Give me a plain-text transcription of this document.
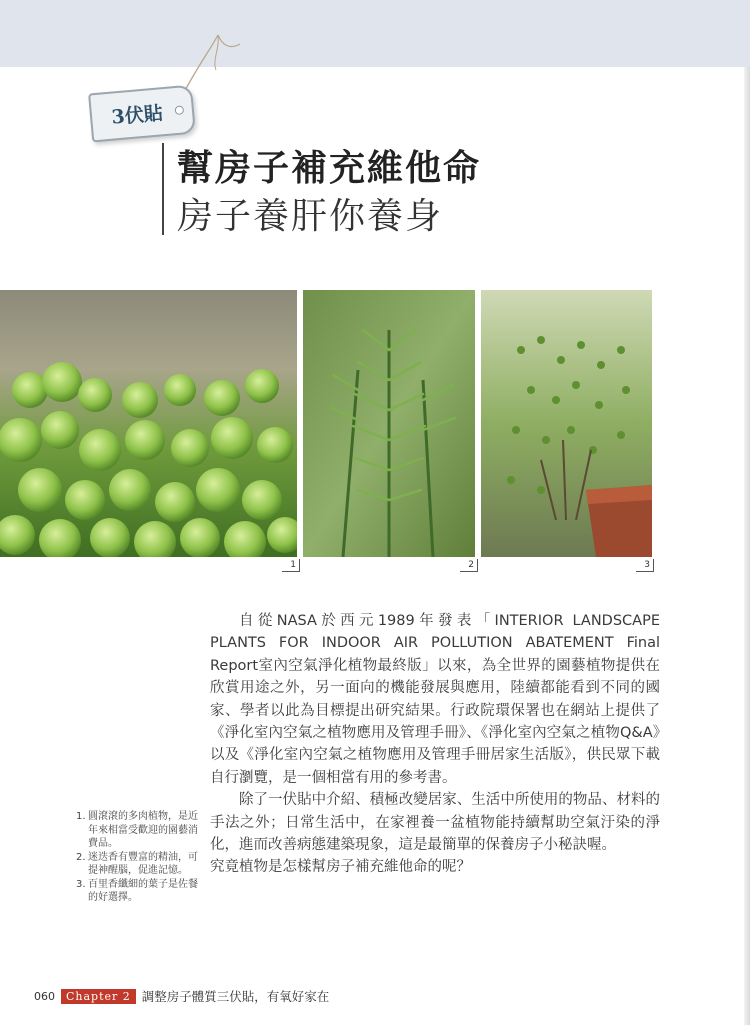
3伏貼
幫房子補充維他命
房子養肝你養身
1	2	3

自從NASA於西元1989年發表「INTERIOR LANDSCAPE PLANTS FOR INDOOR AIR POLLUTION ABATEMENT Final Report室內空氣淨化植物最終版」以來，為全世界的園藝植物提供在欣賞用途之外，另一面向的機能發展與應用，陸續都能看到不同的國家、學者以此為目標提出研究結果。行政院環保署也在網站上提供了《淨化室內空氣之植物應用及管理手冊》、《淨化室內空氣之植物Q&A》以及《淨化室內空氣之植物應用及管理手冊居家生活版》，供民眾下載自行瀏覽，是一個相當有用的參考書。

除了一伏貼中介紹、積極改變居家、生活中所使用的物品、材料的手法之外；日常生活中，在家裡養一盆植物能持續幫助空氣汙染的淨化，進而改善病態建築現象，這是最簡單的保養房子小秘訣喔。

究竟植物是怎樣幫房子補充維他命的呢？

1. 圓滾滾的多肉植物，是近年來相當受歡迎的園藝消費品。
2. 迷迭香有豐富的精油，可提神醒腦，促進記憶。
3. 百里香纖細的葉子是佐餐的好選擇。
060	Chapter 2 調整房子體質三伏貼，有氧好家在
